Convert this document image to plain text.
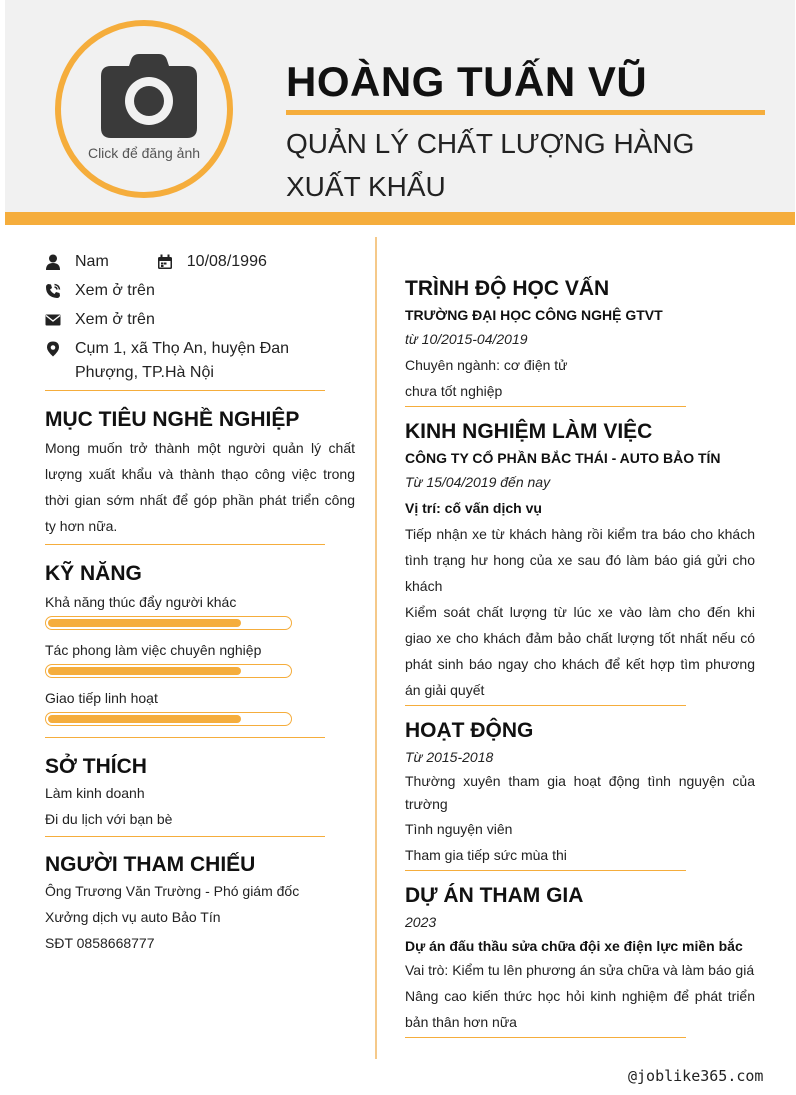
Click để đăng ảnh
HOÀNG TUẤN VŨ
QUẢN LÝ CHẤT LƯỢNG HÀNG XUẤT KHẨU
Nam	10/08/1996
Xem ở trên
Xem ở trên
Cụm 1, xã Thọ An, huyện Đan Phượng, TP.Hà Nội
MỤC TIÊU NGHỀ NGHIỆP
Mong muốn trở thành một người quản lý chất lượng xuất khẩu và thành thạo công việc trong thời gian sớm nhất để góp phần phát triển công ty hơn nữa.
KỸ NĂNG
Khả năng thúc đẩy người khác
Tác phong làm việc chuyên nghiệp
Giao tiếp linh hoạt
SỞ THÍCH
Làm kinh doanh
Đi du lịch với bạn bè
NGƯỜI THAM CHIẾU
Ông Trương Văn Trường - Phó giám đốc
Xưởng dịch vụ auto Bảo Tín
SĐT 0858668777
TRÌNH ĐỘ HỌC VẤN
TRƯỜNG ĐẠI HỌC CÔNG NGHỆ GTVT
từ 10/2015-04/2019
Chuyên ngành: cơ điện tử
chưa tốt nghiệp
KINH NGHIỆM LÀM VIỆC
CÔNG TY CỔ PHẦN BẮC THÁI - AUTO BẢO TÍN
Từ 15/04/2019 đến nay
Vị trí: cố vấn dịch vụ
Tiếp nhận xe từ khách hàng rồi kiểm tra báo cho khách tình trạng hư hong của xe sau đó làm báo giá gửi cho khách
Kiểm soát chất lượng từ lúc xe vào làm cho đến khi giao xe cho khách đảm bảo chất lượng tốt nhất nếu có phát sinh báo ngay cho khách để kết hợp tìm phương án giải quyết
HOẠT ĐỘNG
Từ 2015-2018
Thường xuyên tham gia hoạt động tình nguyện của trường
Tình nguyện viên
Tham gia tiếp sức mùa thi
DỰ ÁN THAM GIA
2023
Dự án đấu thầu sửa chữa đội xe điện lực miền bắc
Vai trò: Kiểm tu lên phương án sửa chữa và làm báo giá
Nâng cao kiến thức học hỏi kinh nghiệm để phát triển bản thân hơn nữa
@joblike365.com
